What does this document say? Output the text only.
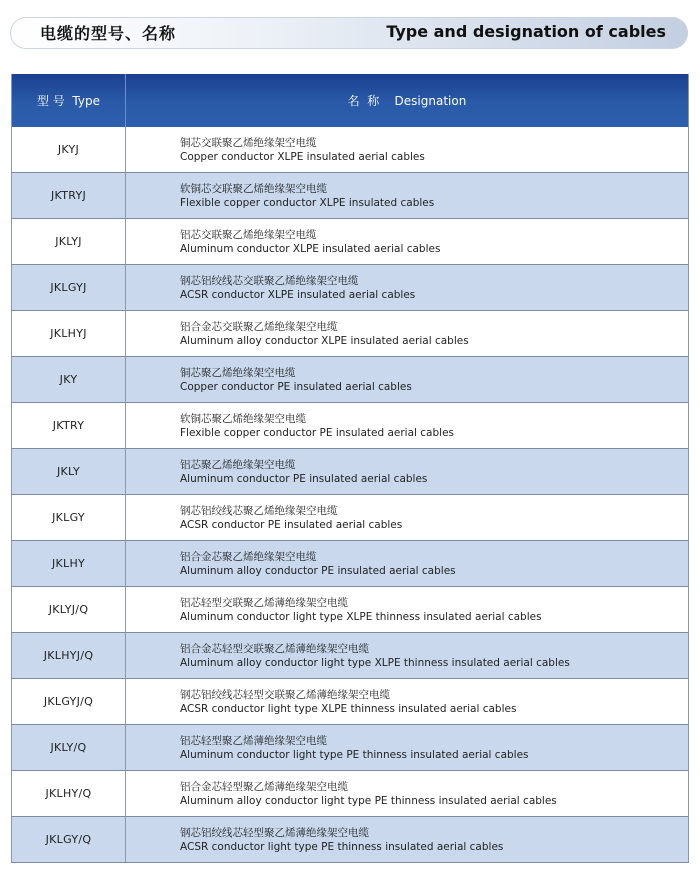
电缆的型号、名称	Type and designation of cables
型 号  Type	名  称    Designation
JKYJ	铜芯交联聚乙烯绝缘架空电缆
Copper conductor XLPE insulated aerial cables

JKTRYJ	软铜芯交联聚乙烯绝缘架空电缆
Flexible copper conductor XLPE insulated cables

JKLYJ	铝芯交联聚乙烯绝缘架空电缆
Aluminum conductor XLPE insulated aerial cables

JKLGYJ	钢芯铝绞线芯交联聚乙烯绝缘架空电缆
ACSR conductor XLPE insulated aerial cables

JKLHYJ	铝合金芯交联聚乙烯绝缘架空电缆
Aluminum alloy conductor XLPE insulated aerial cables

JKY	铜芯聚乙烯绝缘架空电缆
Copper conductor PE insulated aerial cables

JKTRY	软铜芯聚乙烯绝缘架空电缆
Flexible copper conductor PE insulated aerial cables

JKLY	铝芯聚乙烯绝缘架空电缆
Aluminum conductor PE insulated aerial cables

JKLGY	钢芯铝绞线芯聚乙烯绝缘架空电缆
ACSR conductor PE insulated aerial cables

JKLHY	铝合金芯聚乙烯绝缘架空电缆
Aluminum alloy conductor PE insulated aerial cables

JKLYJ/Q	铝芯轻型交联聚乙烯薄绝缘架空电缆
Aluminum conductor light type XLPE thinness insulated aerial cables

JKLHYJ/Q	铝合金芯轻型交联聚乙烯薄绝缘架空电缆
Aluminum alloy conductor light type XLPE thinness insulated aerial cables

JKLGYJ/Q	钢芯铝绞线芯轻型交联聚乙烯薄绝缘架空电缆
ACSR conductor light type XLPE thinness insulated aerial cables

JKLY/Q	铝芯轻型聚乙烯薄绝缘架空电缆
Aluminum conductor light type PE thinness insulated aerial cables

JKLHY/Q	铝合金芯轻型聚乙烯薄绝缘架空电缆
Aluminum alloy conductor light type PE thinness insulated aerial cables

JKLGY/Q	钢芯铝绞线芯轻型聚乙烯薄绝缘架空电缆
ACSR conductor light type PE thinness insulated aerial cables
